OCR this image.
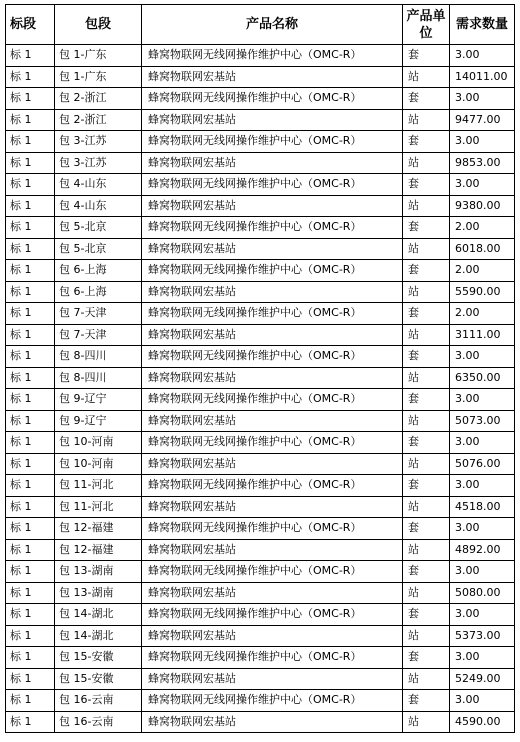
标段	包段	产品名称	产品单位	需求数量
标 1	包 1-广东	蜂窝物联网无线网操作维护中心（OMC-R）	套	3.00
标 1	包 1-广东	蜂窝物联网宏基站	站	14011.00
标 1	包 2-浙江	蜂窝物联网无线网操作维护中心（OMC-R）	套	3.00
标 1	包 2-浙江	蜂窝物联网宏基站	站	9477.00
标 1	包 3-江苏	蜂窝物联网无线网操作维护中心（OMC-R）	套	3.00
标 1	包 3-江苏	蜂窝物联网宏基站	站	9853.00
标 1	包 4-山东	蜂窝物联网无线网操作维护中心（OMC-R）	套	3.00
标 1	包 4-山东	蜂窝物联网宏基站	站	9380.00
标 1	包 5-北京	蜂窝物联网无线网操作维护中心（OMC-R）	套	2.00
标 1	包 5-北京	蜂窝物联网宏基站	站	6018.00
标 1	包 6-上海	蜂窝物联网无线网操作维护中心（OMC-R）	套	2.00
标 1	包 6-上海	蜂窝物联网宏基站	站	5590.00
标 1	包 7-天津	蜂窝物联网无线网操作维护中心（OMC-R）	套	2.00
标 1	包 7-天津	蜂窝物联网宏基站	站	3111.00
标 1	包 8-四川	蜂窝物联网无线网操作维护中心（OMC-R）	套	3.00
标 1	包 8-四川	蜂窝物联网宏基站	站	6350.00
标 1	包 9-辽宁	蜂窝物联网无线网操作维护中心（OMC-R）	套	3.00
标 1	包 9-辽宁	蜂窝物联网宏基站	站	5073.00
标 1	包 10-河南	蜂窝物联网无线网操作维护中心（OMC-R）	套	3.00
标 1	包 10-河南	蜂窝物联网宏基站	站	5076.00
标 1	包 11-河北	蜂窝物联网无线网操作维护中心（OMC-R）	套	3.00
标 1	包 11-河北	蜂窝物联网宏基站	站	4518.00
标 1	包 12-福建	蜂窝物联网无线网操作维护中心（OMC-R）	套	3.00
标 1	包 12-福建	蜂窝物联网宏基站	站	4892.00
标 1	包 13-湖南	蜂窝物联网无线网操作维护中心（OMC-R）	套	3.00
标 1	包 13-湖南	蜂窝物联网宏基站	站	5080.00
标 1	包 14-湖北	蜂窝物联网无线网操作维护中心（OMC-R）	套	3.00
标 1	包 14-湖北	蜂窝物联网宏基站	站	5373.00
标 1	包 15-安徽	蜂窝物联网无线网操作维护中心（OMC-R）	套	3.00
标 1	包 15-安徽	蜂窝物联网宏基站	站	5249.00
标 1	包 16-云南	蜂窝物联网无线网操作维护中心（OMC-R）	套	3.00
标 1	包 16-云南	蜂窝物联网宏基站	站	4590.00
